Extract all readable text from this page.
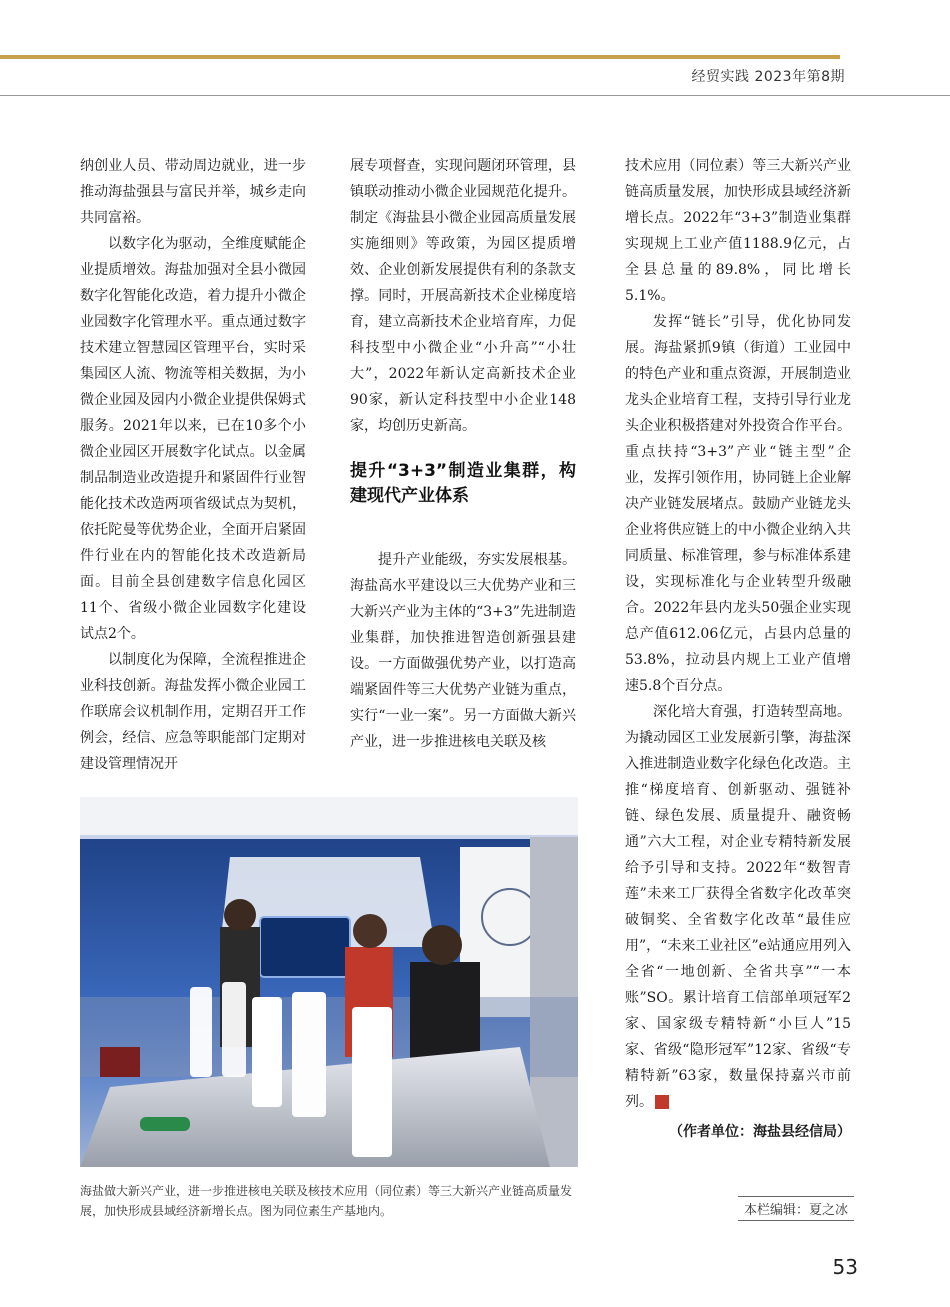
经贸实践 2023年第8期

纳创业人员、带动周边就业，进一步推动海盐强县与富民并举，城乡走向共同富裕。

以数字化为驱动，全维度赋能企业提质增效。海盐加强对全县小微园数字化智能化改造，着力提升小微企业园数字化管理水平。重点通过数字技术建立智慧园区管理平台，实时采集园区人流、物流等相关数据，为小微企业园及园内小微企业提供保姆式服务。2021年以来，已在10多个小微企业园区开展数字化试点。以金属制品制造业改造提升和紧固件行业智能化技术改造两项省级试点为契机，依托陀曼等优势企业，全面开启紧固件行业在内的智能化技术改造新局面。目前全县创建数字信息化园区11个、省级小微企业园数字化建设试点2个。

以制度化为保障，全流程推进企业科技创新。海盐发挥小微企业园工作联席会议机制作用，定期召开工作例会，经信、应急等职能部门定期对建设管理情况开

展专项督查，实现问题闭环管理，县镇联动推动小微企业园规范化提升。制定《海盐县小微企业园高质量发展实施细则》等政策，为园区提质增效、企业创新发展提供有利的条款支撑。同时，开展高新技术企业梯度培育，建立高新技术企业培育库，力促科技型中小微企业“小升高”“小壮大”，2022年新认定高新技术企业90家，新认定科技型中小企业148家，均创历史新高。

提升“3+3”制造业集群，构建现代产业体系

提升产业能级，夯实发展根基。海盐高水平建设以三大优势产业和三大新兴产业为主体的“3+3”先进制造业集群，加快推进智造创新强县建设。一方面做强优势产业，以打造高端紧固件等三大优势产业链为重点，实行“一业一案”。另一方面做大新兴产业，进一步推进核电关联及核

技术应用（同位素）等三大新兴产业链高质量发展，加快形成县域经济新增长点。2022年“3+3”制造业集群实现规上工业产值1188.9亿元，占全县总量的89.8%，同比增长5.1%。

发挥“链长”引导，优化协同发展。海盐紧抓9镇（街道）工业园中的特色产业和重点资源，开展制造业龙头企业培育工程，支持引导行业龙头企业积极搭建对外投资合作平台。重点扶持“3+3”产业“链主型”企业，发挥引领作用，协同链上企业解决产业链发展堵点。鼓励产业链龙头企业将供应链上的中小微企业纳入共同质量、标准管理，参与标准体系建设，实现标准化与企业转型升级融合。2022年县内龙头50强企业实现总产值612.06亿元，占县内总量的53.8%，拉动县内规上工业产值增速5.8个百分点。

深化培大育强，打造转型高地。为撬动园区工业发展新引擎，海盐深入推进制造业数字化绿色化改造。主推“梯度培育、创新驱动、强链补链、绿色发展、质量提升、融资畅通”六大工程，对企业专精特新发展给予引导和支持。2022年“数智青莲”未来工厂获得全省数字化改革突破铜奖、全省数字化改革“最佳应用”，“未来工业社区”e站通应用列入全省“一地创新、全省共享”“一本账”SO。累计培育工信部单项冠军2家、国家级专精特新“小巨人”15家、省级“隐形冠军”12家、省级“专精特新”63家，数量保持嘉兴市前列。	经

（作者单位：海盐县经信局）
海盐做大新兴产业，进一步推进核电关联及核技术应用（同位素）等三大新兴产业链高质量发展，加快形成县域经济新增长点。图为同位素生产基地内。	本栏编辑：夏之冰
53
